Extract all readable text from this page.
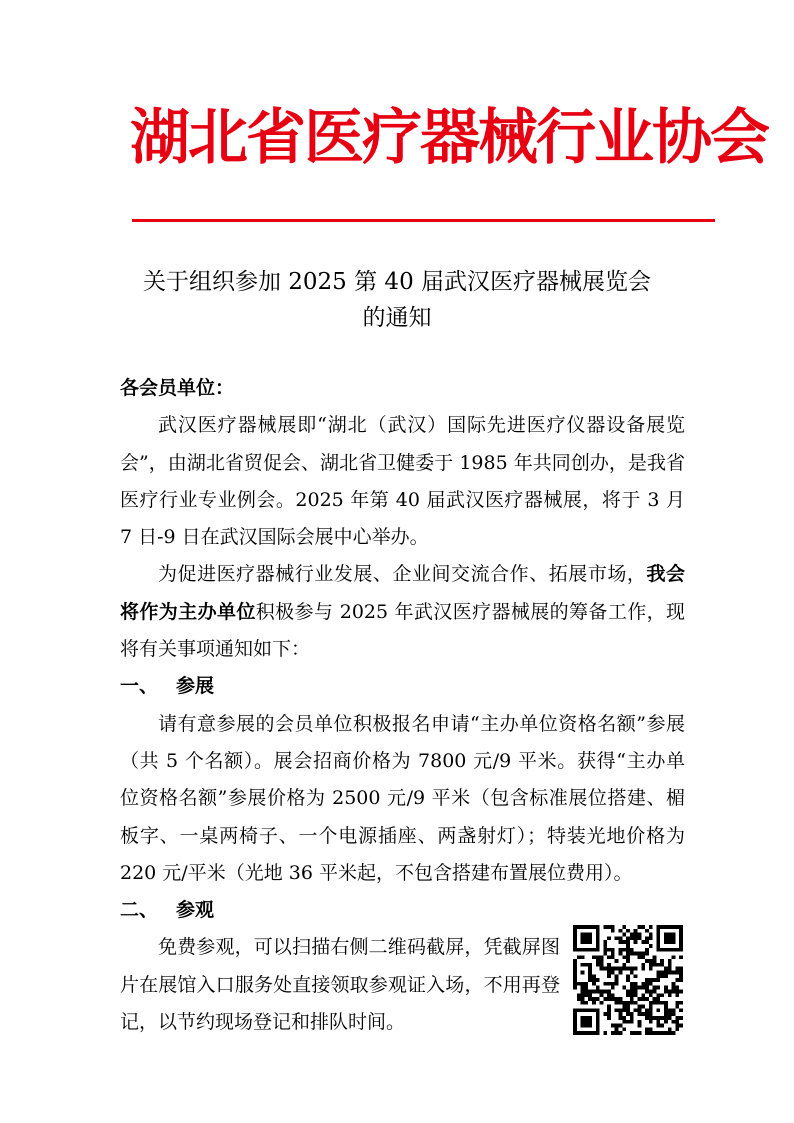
湖北省医疗器械行业协会
关于组织参加 2025 第 40 届武汉医疗器械展览会
的通知

各会员单位：

武汉医疗器械展即“湖北（武汉）国际先进医疗仪器设备展览会”，由湖北省贸促会、湖北省卫健委于 1985 年共同创办，是我省医疗行业专业例会。2025 年第 40 届武汉医疗器械展，将于 3 月 7 日-9 日在武汉国际会展中心举办。

为促进医疗器械行业发展、企业间交流合作、拓展市场，我会将作为主办单位积极参与 2025 年武汉医疗器械展的筹备工作，现将有关事项通知如下：

一、 参展

请有意参展的会员单位积极报名申请“主办单位资格名额”参展（共 5 个名额）。展会招商价格为 7800 元/9 平米。获得“主办单位资格名额”参展价格为 2500 元/9 平米（包含标准展位搭建、楣板字、一桌两椅子、一个电源插座、两盏射灯）；特装光地价格为 220 元/平米（光地 36 平米起，不包含搭建布置展位费用）。

二、 参观

免费参观，可以扫描右侧二维码截屏，凭截屏图片在展馆入口服务处直接领取参观证入场，不用再登记，以节约现场登记和排队时间。
